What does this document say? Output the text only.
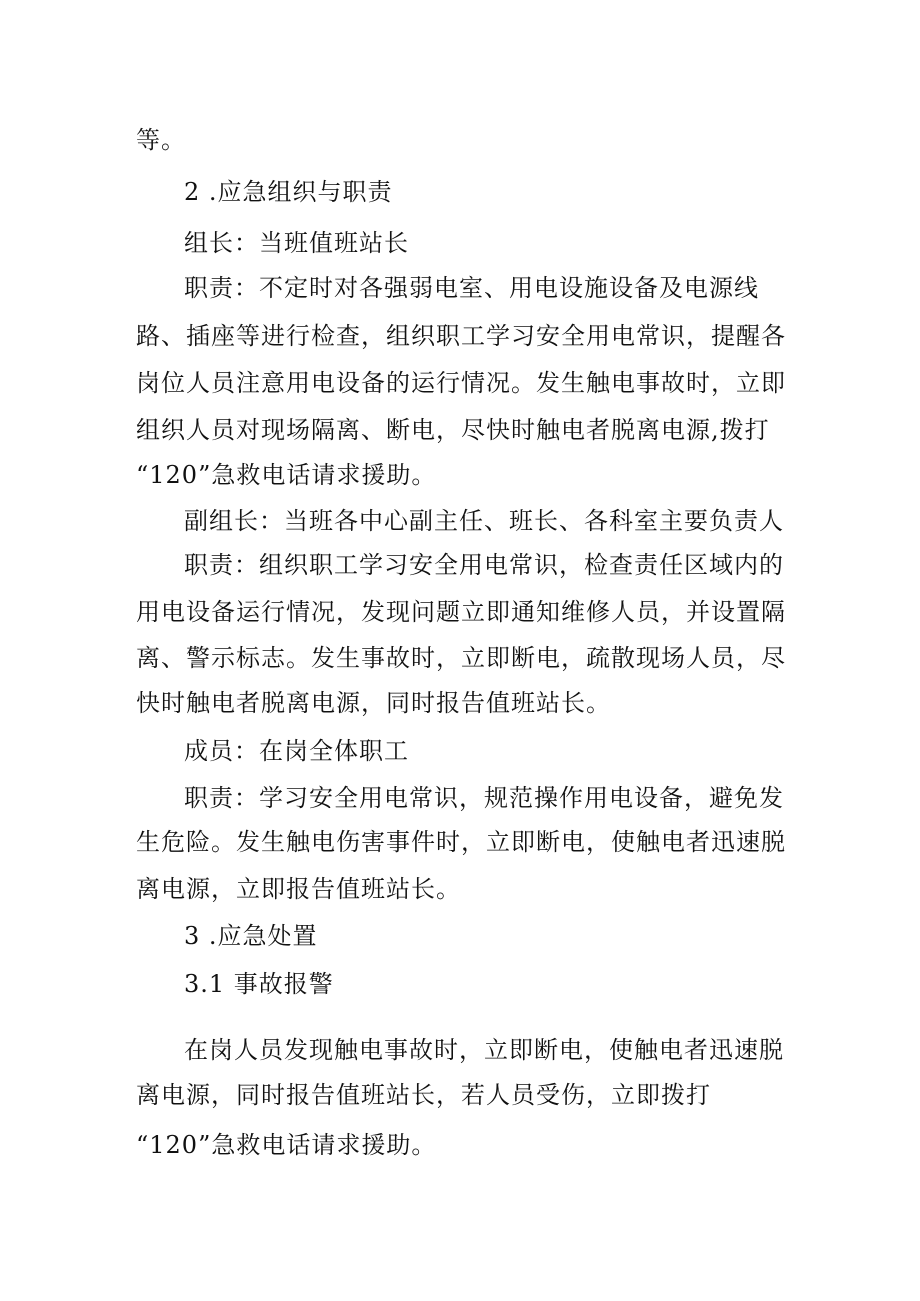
等。
2 .应急组织与职责
组长：当班值班站长
职责：不定时对各强弱电室、用电设施设备及电源线
路、插座等进行检查，组织职工学习安全用电常识，提醒各
岗位人员注意用电设备的运行情况。发生触电事故时，立即
组织人员对现场隔离、断电，尽快时触电者脱离电源,拨打
“120”急救电话请求援助。
副组长：当班各中心副主任、班长、各科室主要负责人
职责：组织职工学习安全用电常识，检查责任区域内的
用电设备运行情况，发现问题立即通知维修人员，并设置隔
离、警示标志。发生事故时，立即断电，疏散现场人员，尽
快时触电者脱离电源，同时报告值班站长。
成员：在岗全体职工
职责：学习安全用电常识，规范操作用电设备，避免发
生危险。发生触电伤害事件时，立即断电，使触电者迅速脱
离电源，立即报告值班站长。
3 .应急处置
3.1 事故报警
在岗人员发现触电事故时，立即断电，使触电者迅速脱
离电源，同时报告值班站长，若人员受伤，立即拨打
“120”急救电话请求援助。
